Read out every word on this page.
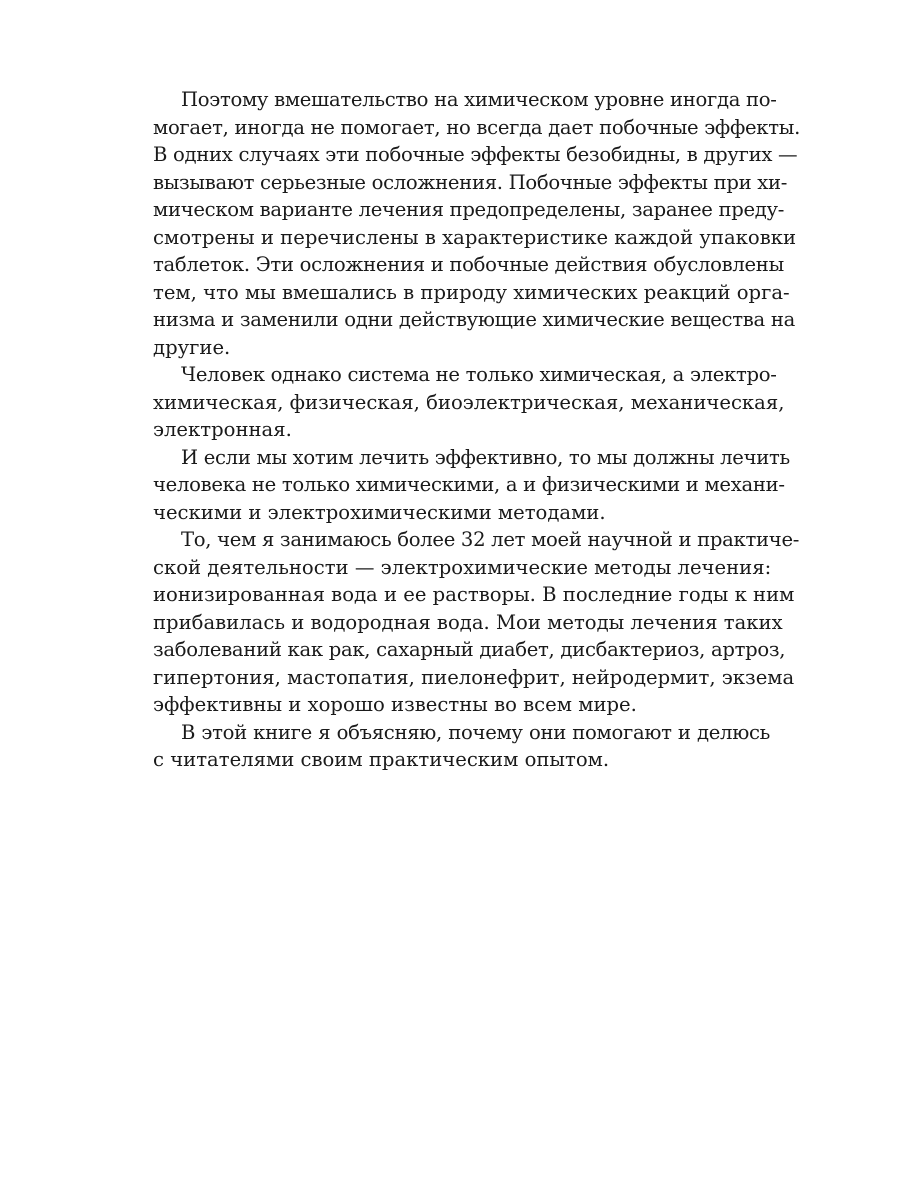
Поэтому вмешательство на химическом уровне иногда по-
могает, иногда не помогает, но всегда дает побочные эффекты.
В одних случаях эти побочные эффекты безобидны, в других —
вызывают серьезные осложнения. Побочные эффекты при хи-
мическом варианте лечения предопределены, заранее преду-
смотрены и перечислены в характеристике каждой упаковки
таблеток. Эти осложнения и побочные действия обусловлены
тем, что мы вмешались в природу химических реакций орга-
низма и заменили одни действующие химические вещества на
другие.

Человек однако система не только химическая, а электро-
химическая, физическая, биоэлектрическая, механическая,
электронная.

И если мы хотим лечить эффективно, то мы должны лечить
человека не только химическими, а и физическими и механи-
ческими и электрохимическими методами.

То, чем я занимаюсь более 32 лет моей научной и практиче-
ской деятельности — электрохимические методы лечения:
ионизированная вода и ее растворы. В последние годы к ним
прибавилась и водородная вода. Мои методы лечения таких
заболеваний как рак, сахарный диабет, дисбактериоз, артроз,
гипертония, мастопатия, пиелонефрит, нейродермит, экзема
эффективны и хорошо известны во всем мире.

В этой книге я объясняю, почему они помогают и делюсь
с читателями своим практическим опытом.
